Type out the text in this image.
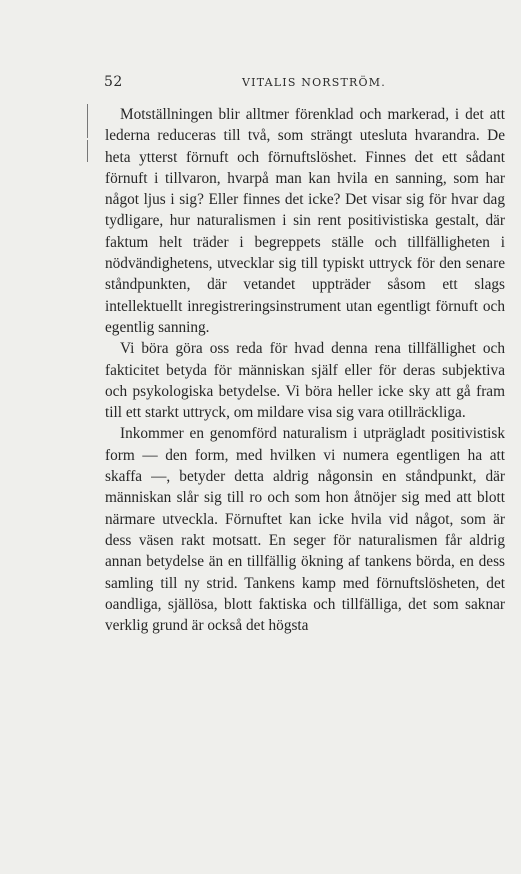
52	VITALIS NORSTRÖM.

Motställningen blir alltmer förenklad och markerad, i det att lederna reduceras till två, som strängt utesluta hvarandra. De heta ytterst förnuft och förnuftslöshet. Finnes det ett sådant förnuft i tillvaron, hvarpå man kan hvila en sanning, som har något ljus i sig? Eller finnes det icke? Det visar sig för hvar dag tydligare, hur naturalismen i sin rent positivistiska gestalt, där faktum helt träder i begreppets ställe och tillfälligheten i nödvändighetens, utvecklar sig till typiskt uttryck för den senare ståndpunkten, där vetandet uppträder såsom ett slags intellektuellt inregistreringsinstrument utan egentligt förnuft och egentlig sanning.

Vi böra göra oss reda för hvad denna rena tillfällighet och fakticitet betyda för människan själf eller för deras subjektiva och psykologiska betydelse. Vi böra heller icke sky att gå fram till ett starkt uttryck, om mildare visa sig vara otillräckliga.

Inkommer en genomförd naturalism i utprägladt positivistisk form — den form, med hvilken vi numera egentligen ha att skaffa —, betyder detta aldrig någonsin en ståndpunkt, där människan slår sig till ro och som hon åtnöjer sig med att blott närmare utveckla. Förnuftet kan icke hvila vid något, som är dess väsen rakt motsatt. En seger för naturalismen får aldrig annan betydelse än en tillfällig ökning af tankens börda, en dess samling till ny strid. Tankens kamp med förnuftslösheten, det oandliga, själlösa, blott faktiska och tillfälliga, det som saknar verklig grund är också det högsta
